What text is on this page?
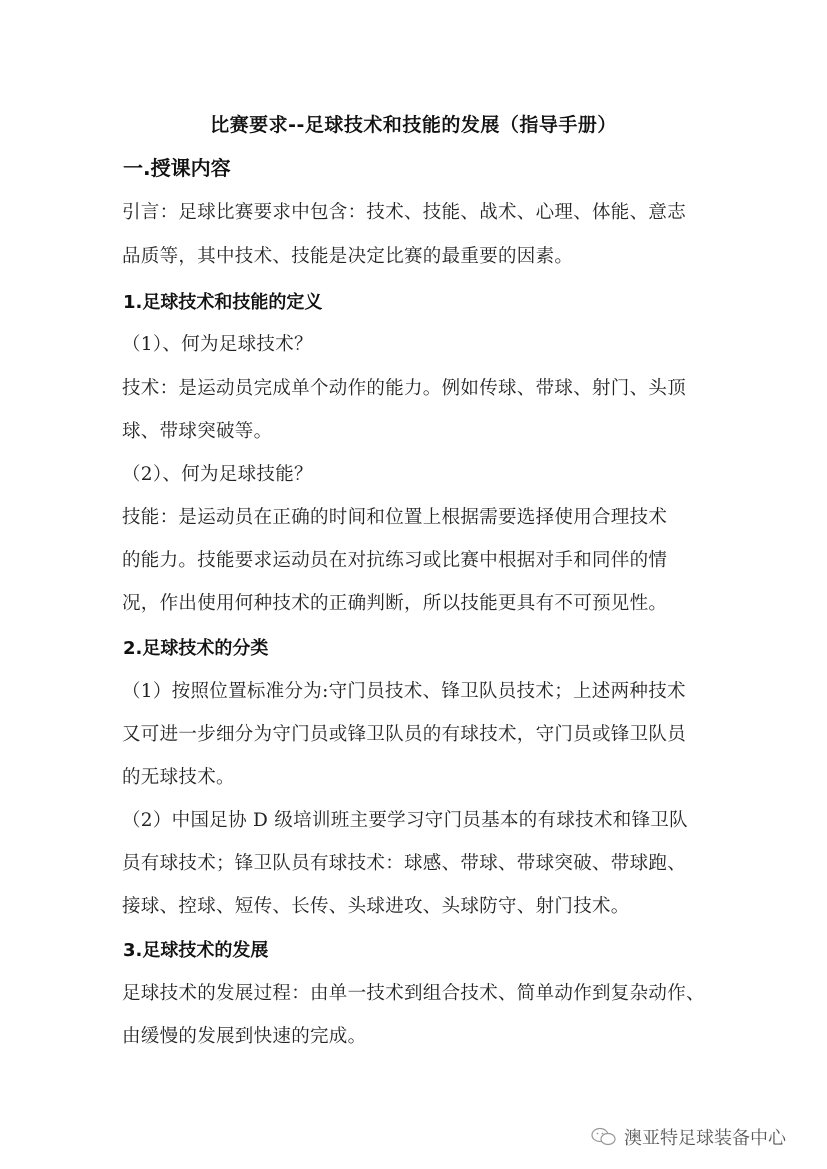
比赛要求--足球技术和技能的发展（指导手册）
一.授课内容
引言：足球比赛要求中包含：技术、技能、战术、心理、体能、意志
品质等，其中技术、技能是决定比赛的最重要的因素。
1.足球技术和技能的定义
（1）、何为足球技术？
技术：是运动员完成单个动作的能力。例如传球、带球、射门、头顶
球、带球突破等。
（2）、何为足球技能？
技能：是运动员在正确的时间和位置上根据需要选择使用合理技术
的能力。技能要求运动员在对抗练习或比赛中根据对手和同伴的情
况，作出使用何种技术的正确判断，所以技能更具有不可预见性。
2.足球技术的分类
（1）按照位置标准分为:守门员技术、锋卫队员技术；上述两种技术
又可进一步细分为守门员或锋卫队员的有球技术，守门员或锋卫队员
的无球技术。
（2）中国足协 D 级培训班主要学习守门员基本的有球技术和锋卫队
员有球技术；锋卫队员有球技术：球感、带球、带球突破、带球跑、
接球、控球、短传、长传、头球进攻、头球防守、射门技术。
3.足球技术的发展
足球技术的发展过程：由单一技术到组合技术、简单动作到复杂动作、
由缓慢的发展到快速的完成。
澳亚特足球装备中心
